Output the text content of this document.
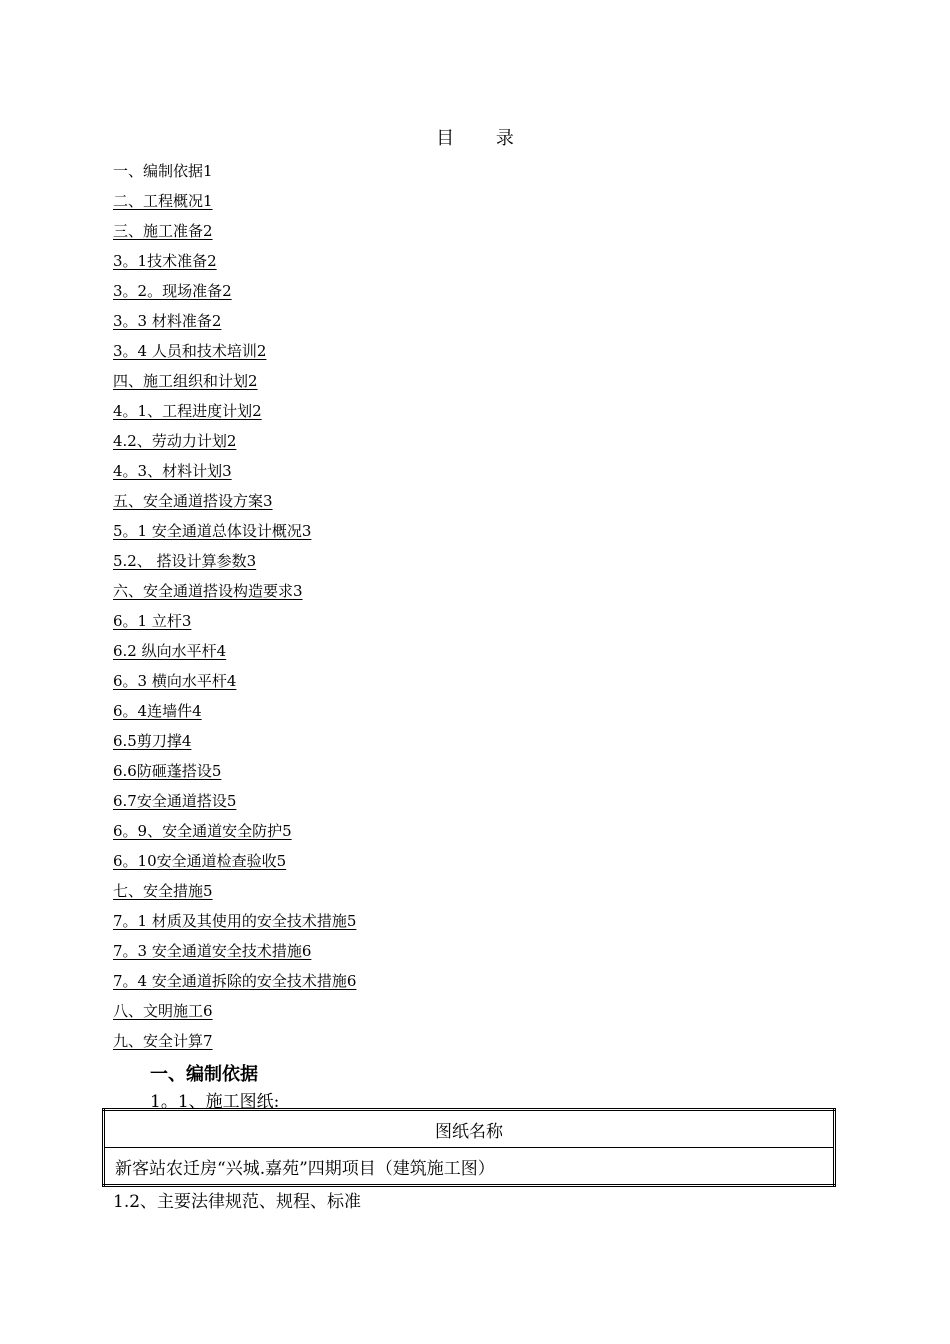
目 录
一、编制依据1
二、工程概况1
三、施工准备2
3。1技术准备2
3。2。现场准备2
3。3 材料准备2
3。4 人员和技术培训2
四、施工组织和计划2
4。1、工程进度计划2
4.2、劳动力计划2
4。3、材料计划3
五、安全通道搭设方案3
5。1 安全通道总体设计概况3
5.2、 搭设计算参数3
六、安全通道搭设构造要求3
6。1 立杆3
6.2 纵向水平杆4
6。3 横向水平杆4
6。4连墙件4
6.5剪刀撑4
6.6防砸蓬搭设5
6.7安全通道搭设5
6。9、安全通道安全防护5
6。10安全通道检查验收5
七、安全措施5
7。1 材质及其使用的安全技术措施5
7。3 安全通道安全技术措施6
7。4 安全通道拆除的安全技术措施6
八、文明施工6
九、安全计算7
一、编制依据
1。1、施工图纸:
图纸名称
新客站农迁房“兴城.嘉苑”四期项目（建筑施工图）
1.2、主要法律规范、规程、标准
